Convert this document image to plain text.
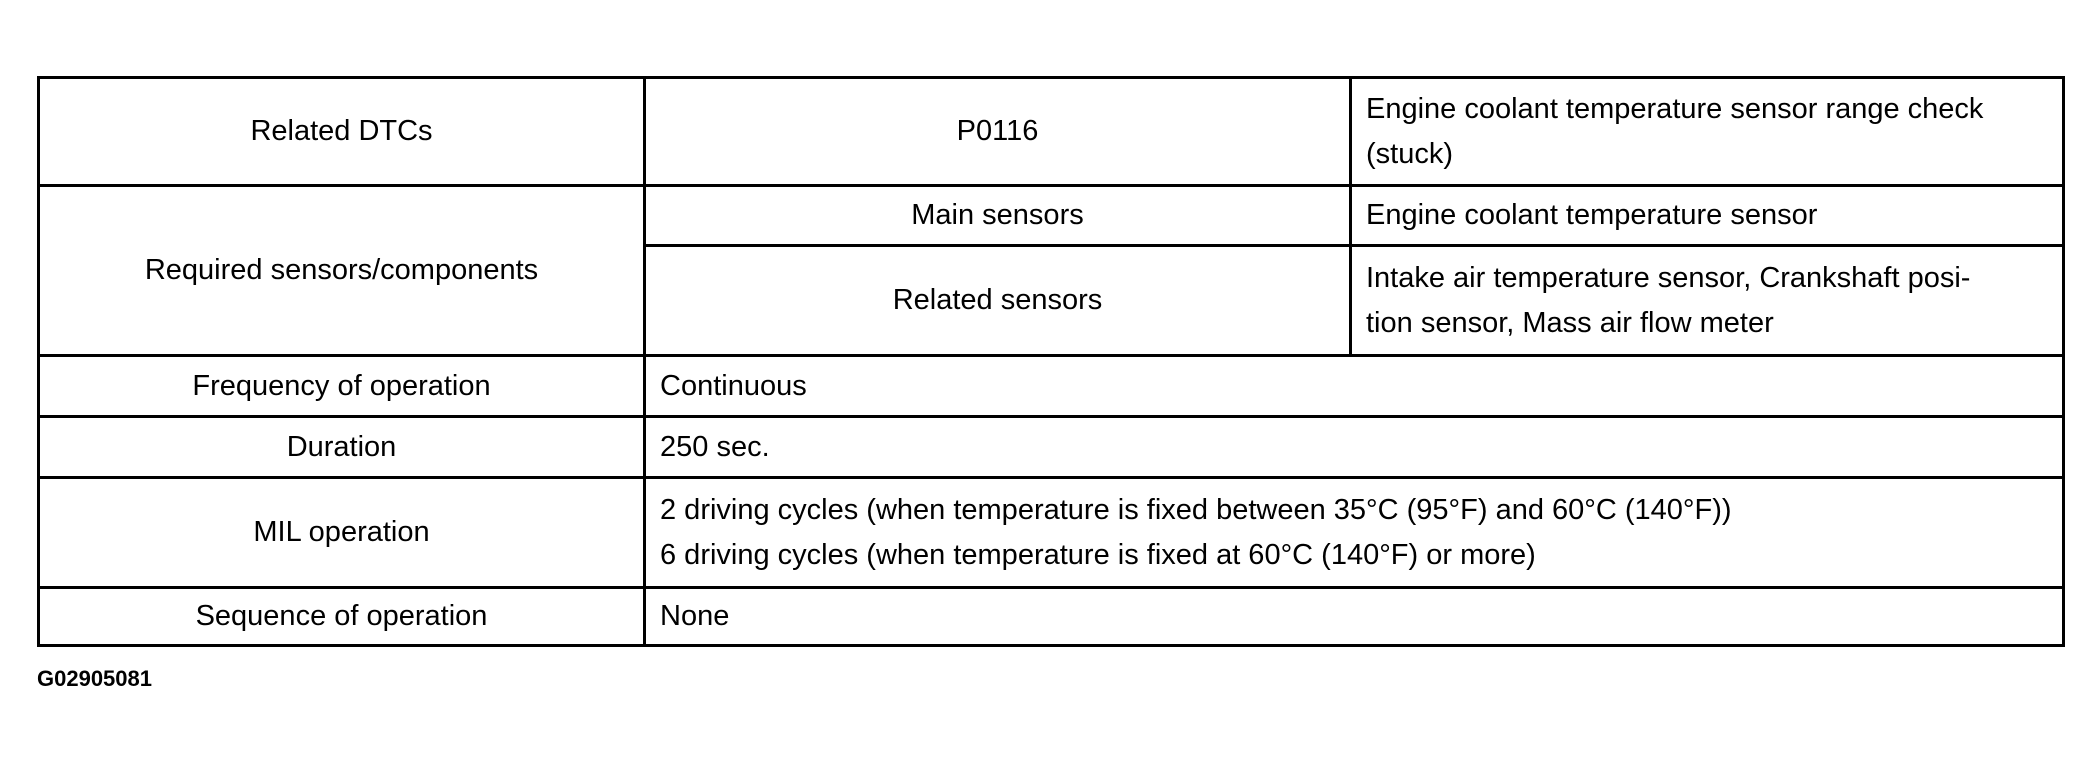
Related DTCs	P0116	Engine coolant temperature sensor range check (stuck)
Required sensors/components	Main sensors	Engine coolant temperature sensor
	Related sensors	Intake air temperature sensor, Crankshaft posi-
tion sensor, Mass air flow meter

Frequency of operation	Continuous	
Duration	250 sec.	
MIL operation	2 driving cycles (when temperature is fixed between 35°C (95°F) and 60°C (140°F))
6 driving cycles (when temperature is fixed at 60°C (140°F) or more)	

Sequence of operation	None	
G02905081
